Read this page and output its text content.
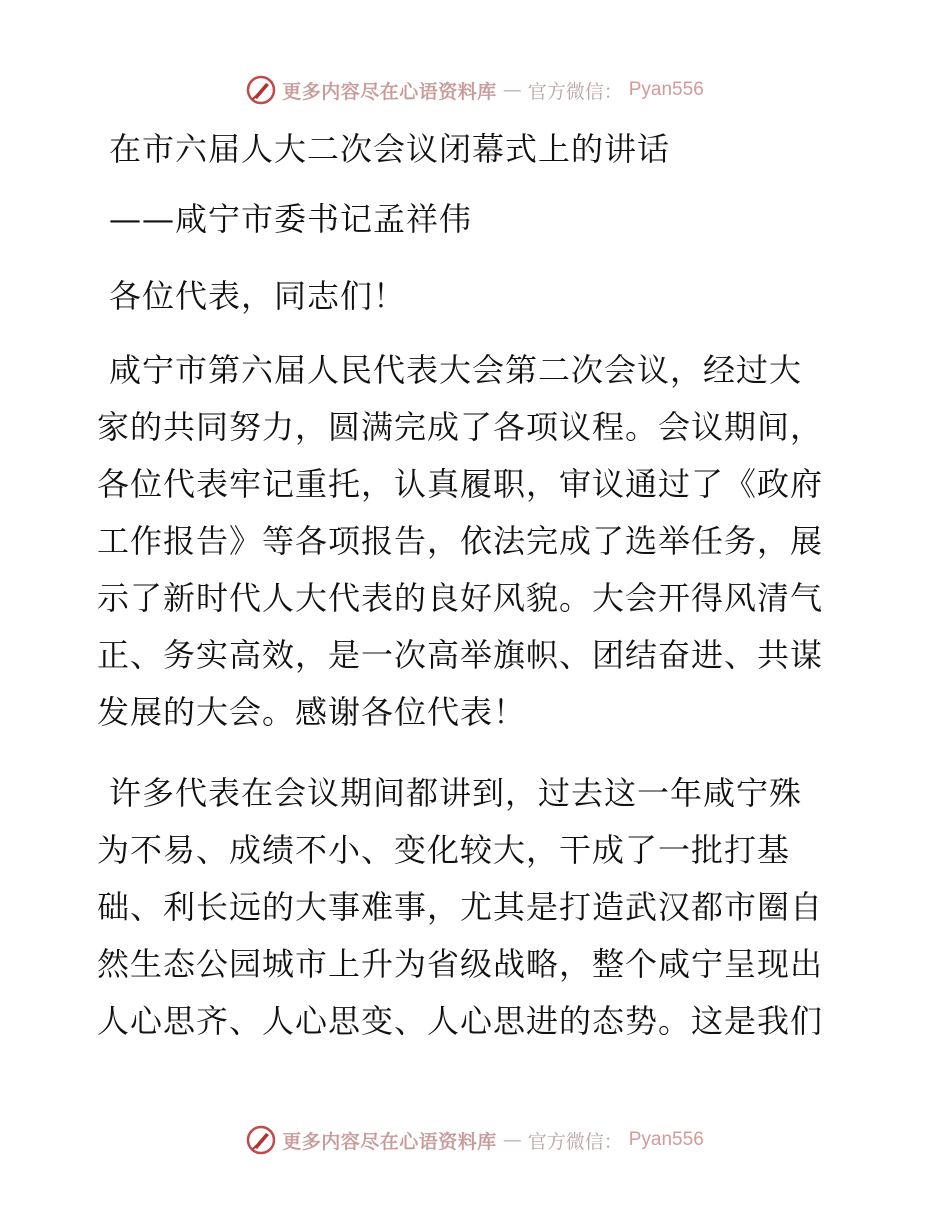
更多内容尽在心语资料库 — 官方微信： Pyan556
在市六届人大二次会议闭幕式上的讲话
——咸宁市委书记孟祥伟
各位代表，同志们！
咸宁市第六届人民代表大会第二次会议，经过大
家的共同努力，圆满完成了各项议程。会议期间，
各位代表牢记重托，认真履职，审议通过了《政府
工作报告》等各项报告，依法完成了选举任务，展
示了新时代人大代表的良好风貌。大会开得风清气
正、务实高效，是一次高举旗帜、团结奋进、共谋
发展的大会。感谢各位代表！
许多代表在会议期间都讲到，过去这一年咸宁殊
为不易、成绩不小、变化较大，干成了一批打基
础、利长远的大事难事，尤其是打造武汉都市圈自
然生态公园城市上升为省级战略，整个咸宁呈现出
人心思齐、人心思变、人心思进的态势。这是我们
更多内容尽在心语资料库 — 官方微信： Pyan556
